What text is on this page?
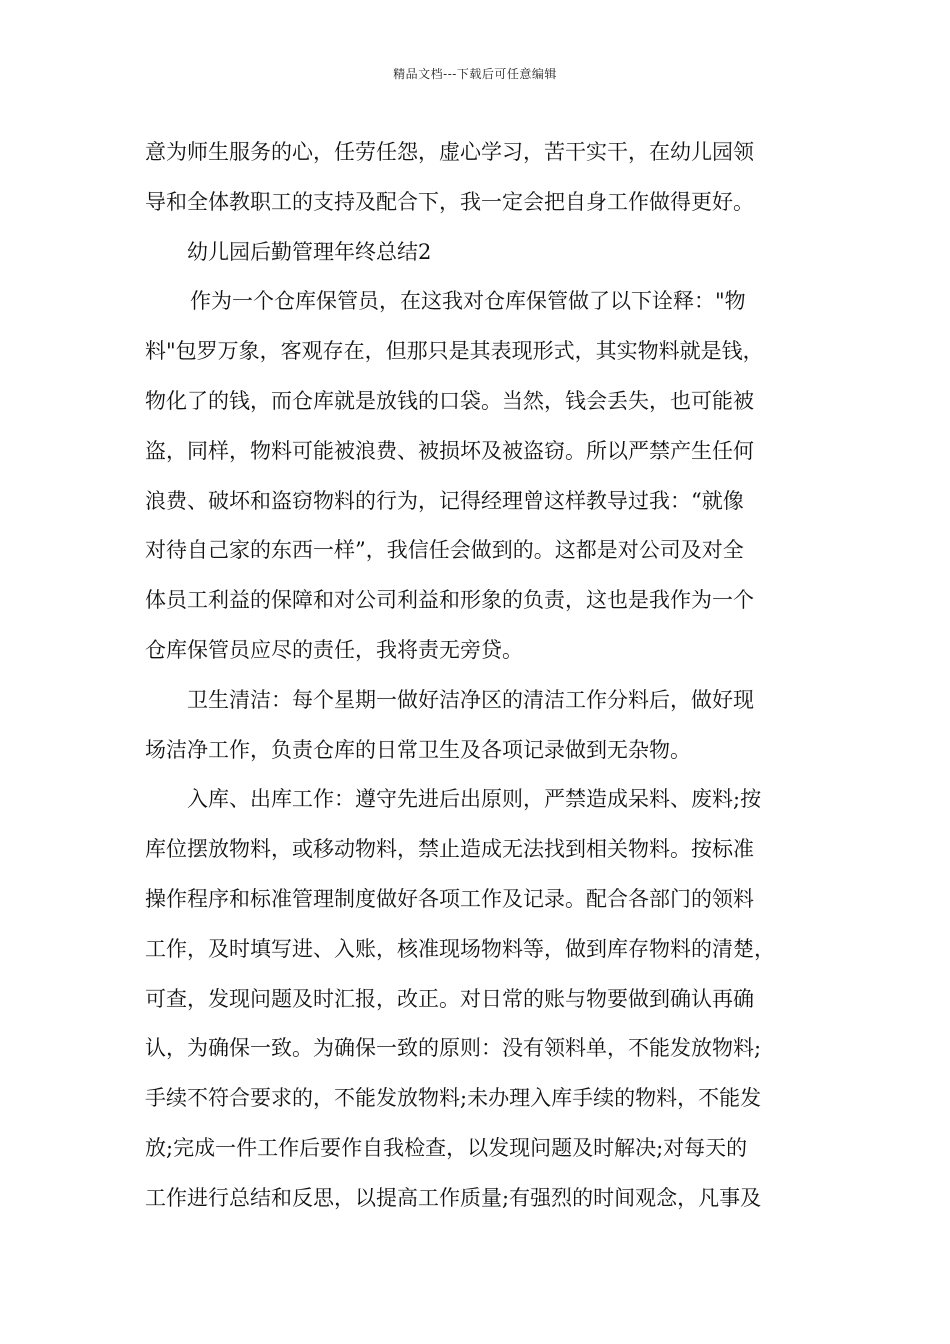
精品文档---下载后可任意编辑
意为师生服务的心，任劳任怨，虚心学习，苦干实干，在幼儿园领
导和全体教职工的支持及配合下，我一定会把自身工作做得更好。
幼儿园后勤管理年终总结2
作为一个仓库保管员，在这我对仓库保管做了以下诠释："物
料"包罗万象，客观存在，但那只是其表现形式，其实物料就是钱，
物化了的钱，而仓库就是放钱的口袋。当然，钱会丢失，也可能被
盗，同样，物料可能被浪费、被损坏及被盗窃。所以严禁产生任何
浪费、破坏和盗窃物料的行为，记得经理曾这样教导过我：“就像
对待自己家的东西一样”，我信任会做到的。这都是对公司及对全
体员工利益的保障和对公司利益和形象的负责，这也是我作为一个
仓库保管员应尽的责任，我将责无旁贷。
卫生清洁：每个星期一做好洁净区的清洁工作分料后，做好现
场洁净工作，负责仓库的日常卫生及各项记录做到无杂物。
入库、出库工作：遵守先进后出原则，严禁造成呆料、废料;按
库位摆放物料，或移动物料，禁止造成无法找到相关物料。按标准
操作程序和标准管理制度做好各项工作及记录。配合各部门的领料
工作，及时填写进、入账，核准现场物料等，做到库存物料的清楚，
可查，发现问题及时汇报，改正。对日常的账与物要做到确认再确
认，为确保一致。为确保一致的原则：没有领料单，不能发放物料;
手续不符合要求的，不能发放物料;未办理入库手续的物料，不能发
放;完成一件工作后要作自我检查，以发现问题及时解决;对每天的
工作进行总结和反思，以提高工作质量;有强烈的时间观念，凡事及
